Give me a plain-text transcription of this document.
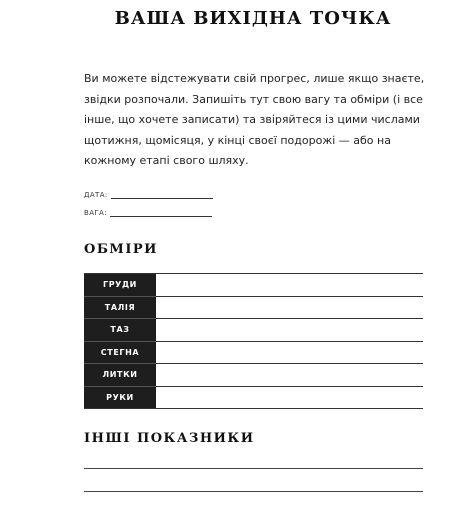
ВАША ВИХІДНА ТОЧКА

Ви можете відстежувати свій прогрес, лише якщо знаєте, звідки розпочали. Запишіть тут свою вагу та обміри (і все інше, що хочете записати) та звіряйтеся із цими числами щотижня, щомісяця, у кінці своєї подорожі — або на кожному етапі свого шляху.

ДАТА:
ВАГА:
ОБМІРИ
ГРУДИ
ТАЛІЯ
ТАЗ
СТЕГНА
ЛИТКИ
РУКИ
ІНШІ ПОКАЗНИКИ
